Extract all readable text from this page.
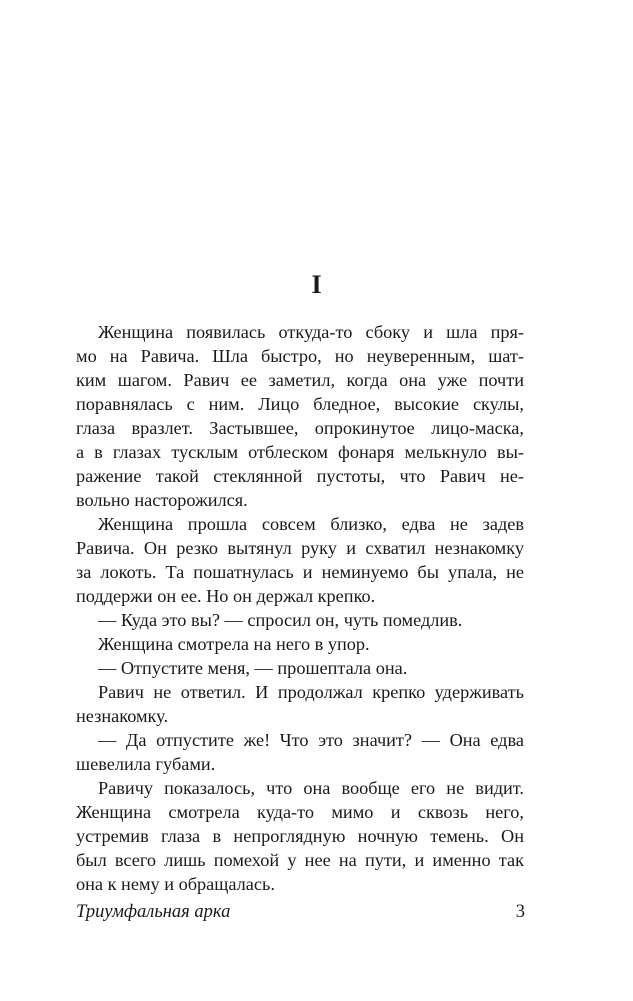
I
Женщина появилась откуда-то сбоку и шла пря-
мо на Равича. Шла быстро, но неуверенным, шат-
ким шагом. Равич ее заметил, когда она уже почти
поравнялась с ним. Лицо бледное, высокие скулы,
глаза вразлет. Застывшее, опрокинутое лицо-маска,
а в глазах тусклым отблеском фонаря мелькнуло вы-
ражение такой стеклянной пустоты, что Равич не-
вольно насторожился.
Женщина прошла совсем близко, едва не задев
Равича. Он резко вытянул руку и схватил незнакомку
за локоть. Та пошатнулась и неминуемо бы упала, не
поддержи он ее. Но он держал крепко.
— Куда это вы? — спросил он, чуть помедлив.
Женщина смотрела на него в упор.
— Отпустите меня, — прошептала она.
Равич не ответил. И продолжал крепко удерживать
незнакомку.
— Да отпустите же! Что это значит? — Она едва
шевелила губами.
Равичу показалось, что она вообще его не видит.
Женщина смотрела куда-то мимо и сквозь него,
устремив глаза в непроглядную ночную темень. Он
был всего лишь помехой у нее на пути, и именно так
она к нему и обращалась.
Триумфальная арка	3
